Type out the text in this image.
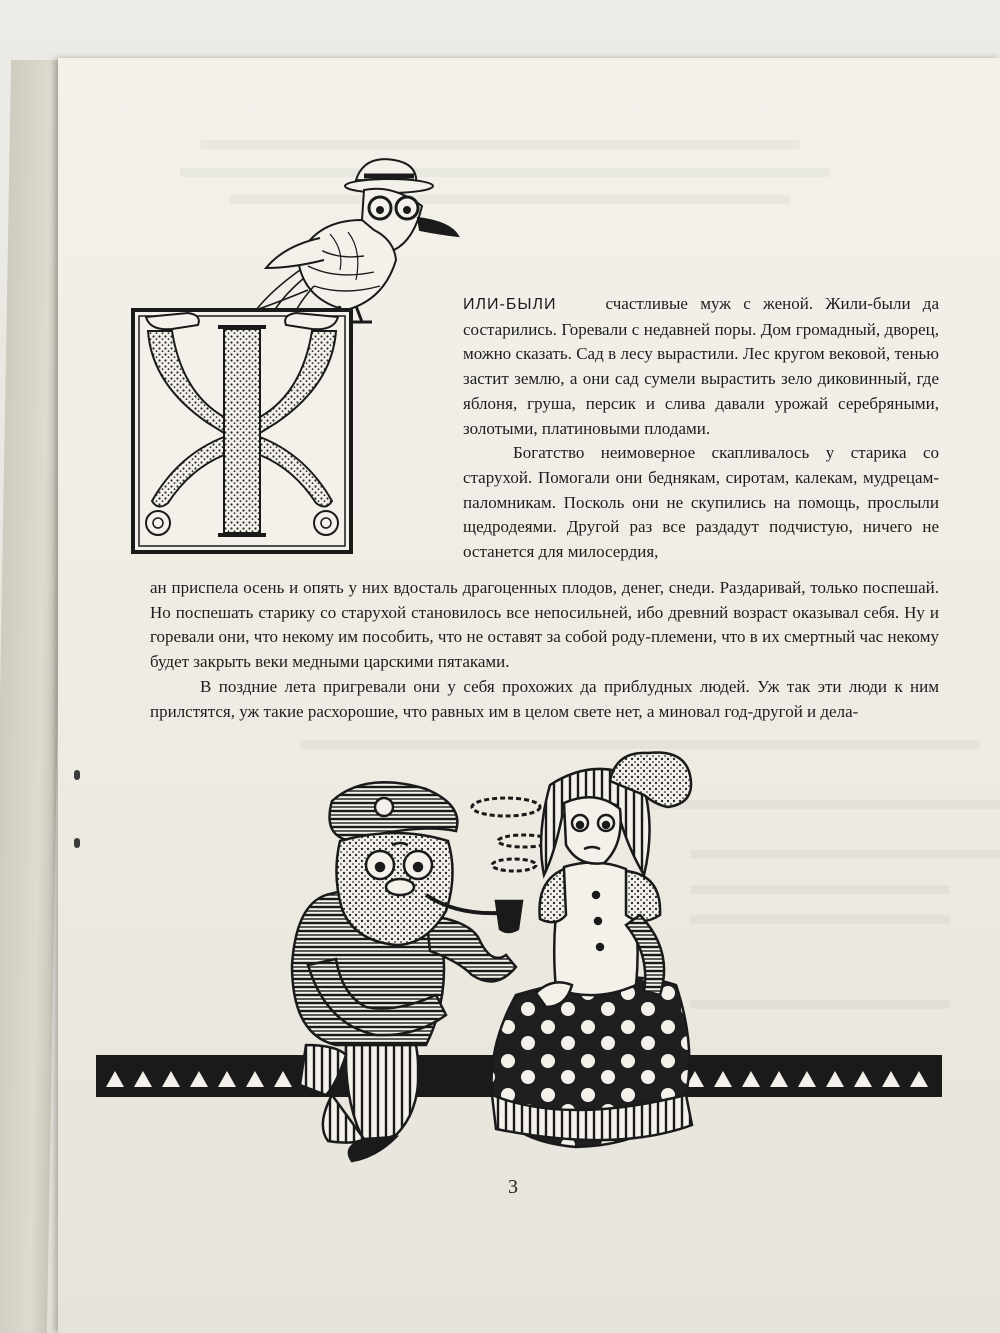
Ж

ИЛИ-БЫЛИ	счастливые муж с женой. Жили-были да состарились. Горевали с недавней поры. Дом громадный, дворец, можно сказать. Сад в лесу вырастили. Лес кругом вековой, тенью застит землю, а они сад сумели вырастить зело диковинный, где яблоня, груша, персик и слива давали урожай серебряными, золотыми, платиновыми плодами.

Богатство неимоверное скапливалось у старика со старухой. Помогали они беднякам, сиротам, калекам, мудрецам-паломникам. Посколь они не скупились на помощь, прослыли щедродеями. Другой раз все раздадут подчистую, ничего не останется для милосердия,

ан приспела осень и опять у них вдосталь драгоценных плодов, денег, снеди. Раздаривай, только поспешай. Но поспешать старику со старухой становилось все непосильней, ибо древний возраст оказывал себя. Ну и горевали они, что некому им пособить, что не оставят за собой роду-племени, что в их смертный час некому будет закрыть веки медными царскими пятаками.

В поздние лета пригревали они у себя прохожих да приблудных людей. Уж так эти люди к ним прилстятся, уж такие расхорошие, что равных им в целом свете нет, а миновал год-другой и дела-

3
